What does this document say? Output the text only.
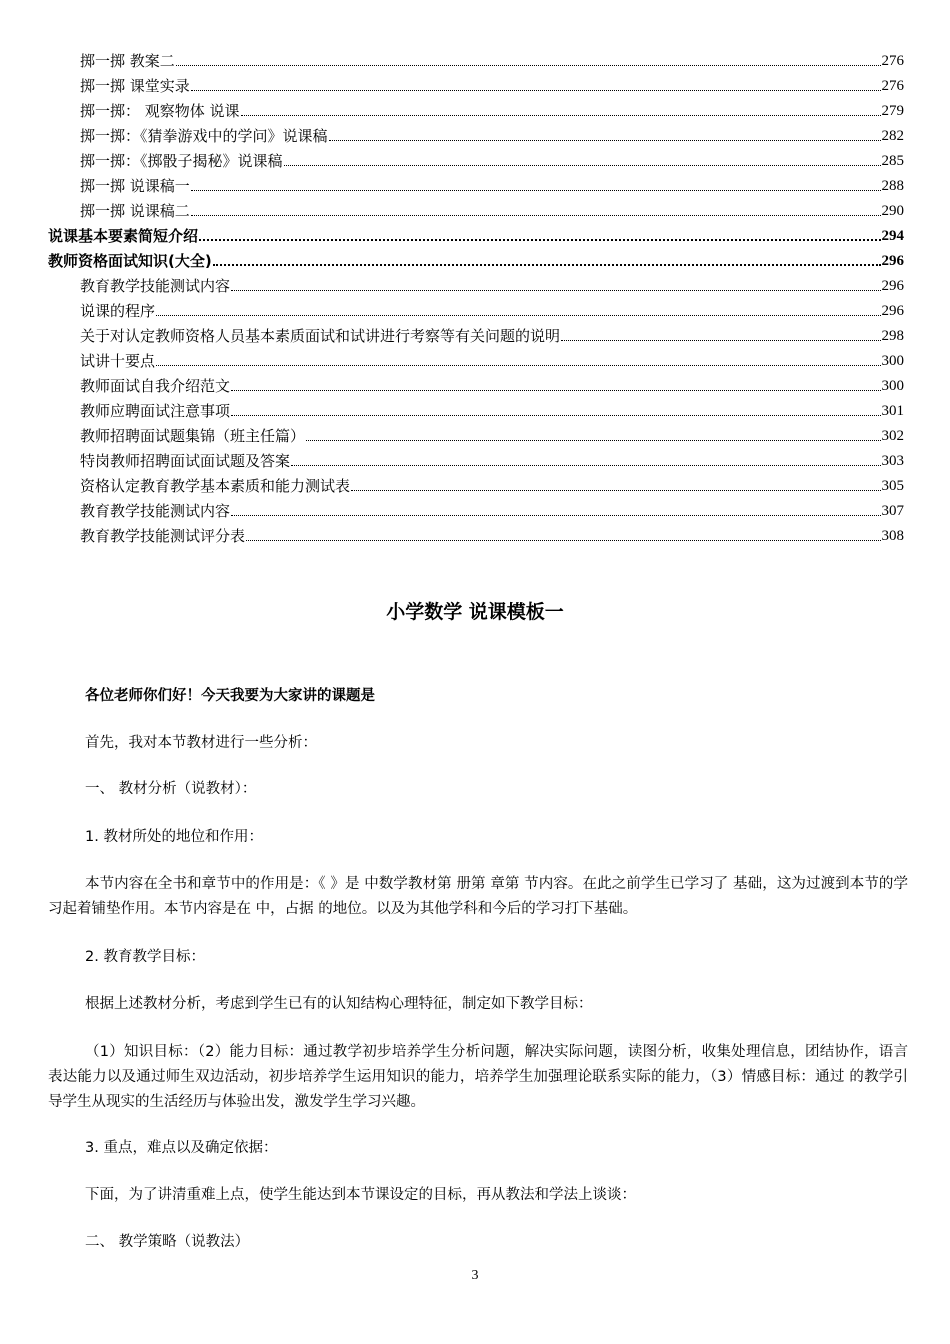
掷一掷 教案二	276
掷一掷 课堂实录	276
掷一掷： 观察物体 说课	279
掷一掷：《猜拳游戏中的学问》说课稿	282
掷一掷：《掷骰子揭秘》说课稿	285
掷一掷 说课稿一	288
掷一掷 说课稿二	290
说课基本要素简短介绍	294
教师资格面试知识(大全)	296
教育教学技能测试内容	296
说课的程序	296
关于对认定教师资格人员基本素质面试和试讲进行考察等有关问题的说明	298
试讲十要点	300
教师面试自我介绍范文	300
教师应聘面试注意事项	301
教师招聘面试题集锦（班主任篇）	302
特岗教师招聘面试面试题及答案	303
资格认定教育教学基本素质和能力测试表	305
教育教学技能测试内容	307
教育教学技能测试评分表	308
小学数学 说课模板一
各位老师你们好！今天我要为大家讲的课题是
首先，我对本节教材进行一些分析：
一、 教材分析（说教材）：
1. 教材所处的地位和作用：
本节内容在全书和章节中的作用是：《 》是 中数学教材第 册第 章第 节内容。在此之前学生已学习了 基础，这为过渡到本节的学习起着铺垫作用。本节内容是在 中，占据 的地位。以及为其他学科和今后的学习打下基础。
2. 教育教学目标：
根据上述教材分析，考虑到学生已有的认知结构心理特征，制定如下教学目标：
（1）知识目标：（2）能力目标：通过教学初步培养学生分析问题，解决实际问题，读图分析，收集处理信息，团结协作，语言表达能力以及通过师生双边活动，初步培养学生运用知识的能力，培养学生加强理论联系实际的能力，（3）情感目标：通过 的教学引导学生从现实的生活经历与体验出发，激发学生学习兴趣。
3. 重点，难点以及确定依据：
下面，为了讲清重难上点，使学生能达到本节课设定的目标，再从教法和学法上谈谈：
二、 教学策略（说教法）
3
